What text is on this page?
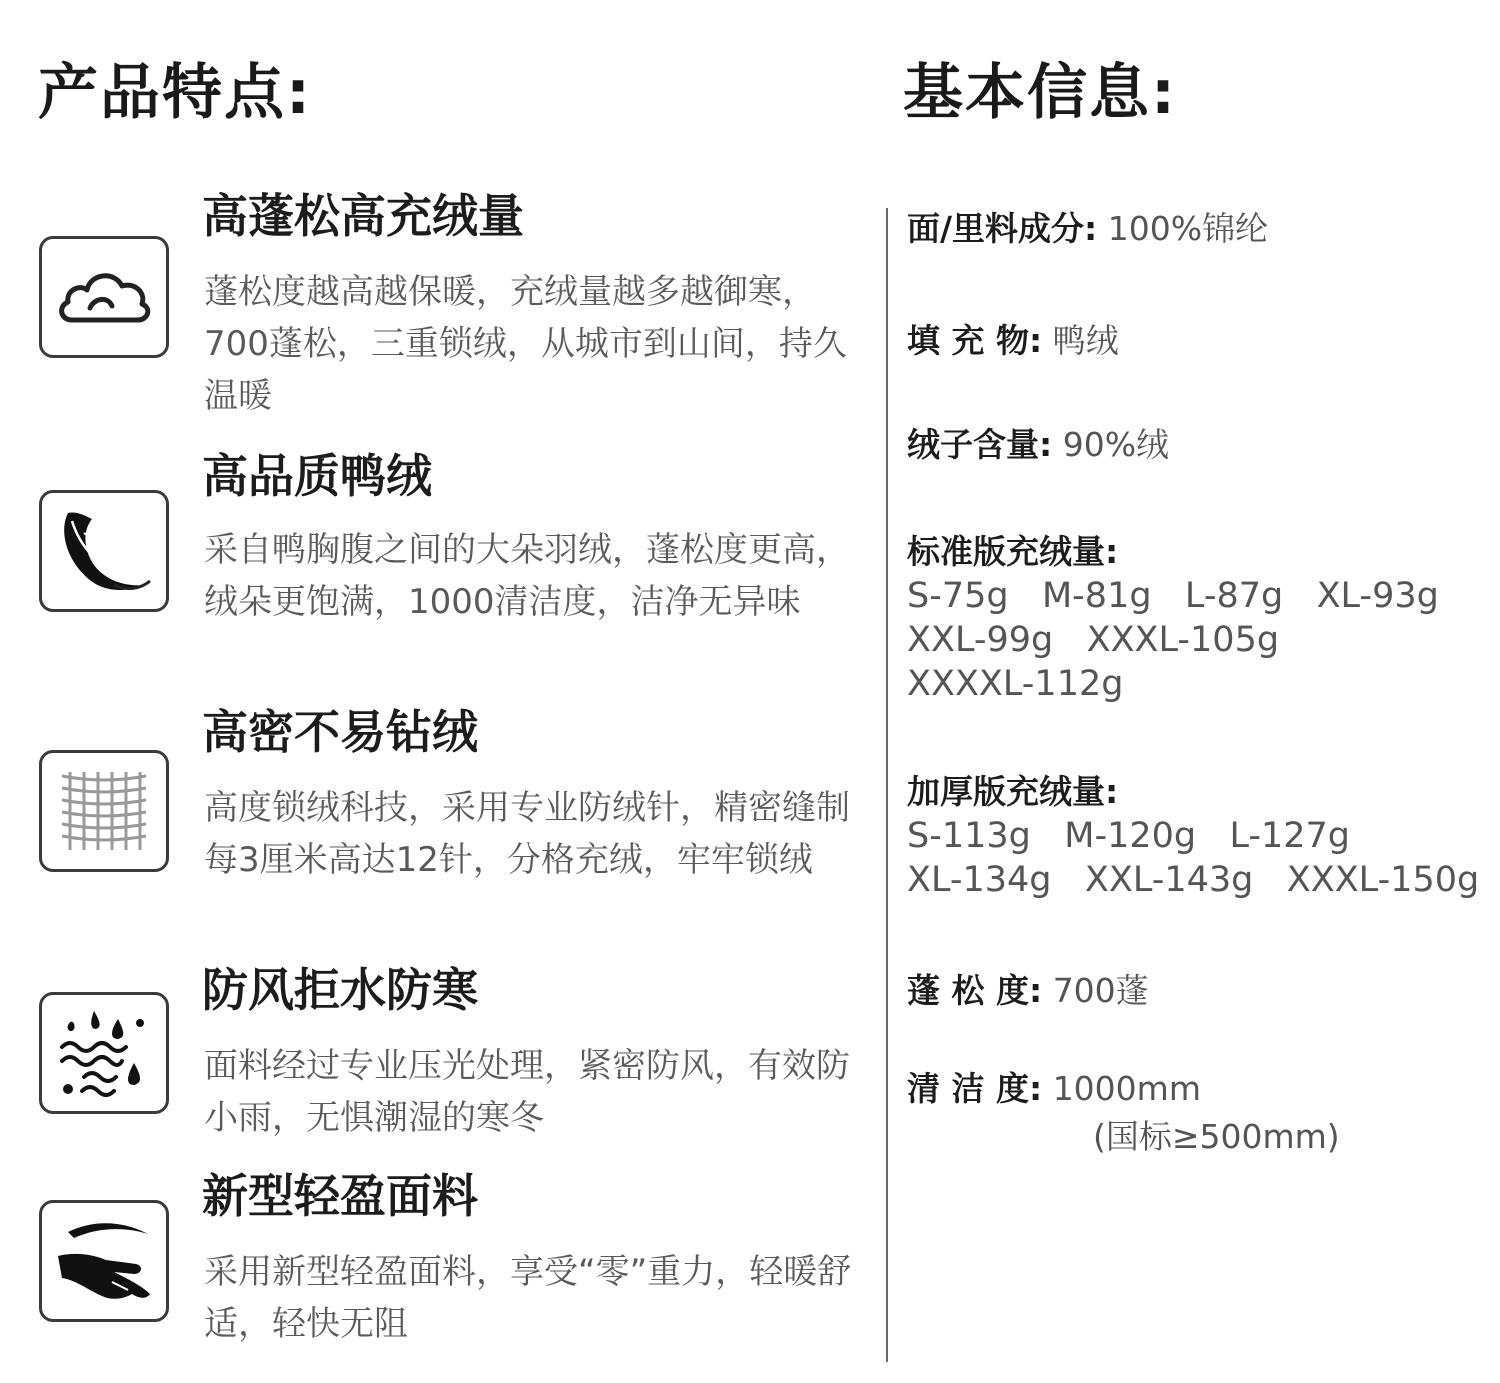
产品特点:	基本信息:
高蓬松高充绒量
蓬松度越高越保暖，充绒量越多越御寒，700蓬松，三重锁绒，从城市到山间，持久温暖
高品质鸭绒
采自鸭胸腹之间的大朵羽绒，蓬松度更高，绒朵更饱满，1000清洁度，洁净无异味
高密不易钻绒
高度锁绒科技，采用专业防绒针，精密缝制每3厘米高达12针，分格充绒，牢牢锁绒
防风拒水防寒
面料经过专业压光处理，紧密防风，有效防小雨，无惧潮湿的寒冬
新型轻盈面料
采用新型轻盈面料，享受“零”重力，轻暖舒适，轻快无阻
面/里料成分: 100%锦纶
填 充 物: 鸭绒
绒子含量: 90%绒
标准版充绒量:
S-75g   M-81g   L-87g   XL-93g
XXL-99g   XXXL-105g
XXXXL-112g
加厚版充绒量:
S-113g   M-120g   L-127g
XL-134g   XXL-143g   XXXL-150g
蓬 松 度: 700蓬
清 洁 度: 1000mm
(国标≥500mm)
